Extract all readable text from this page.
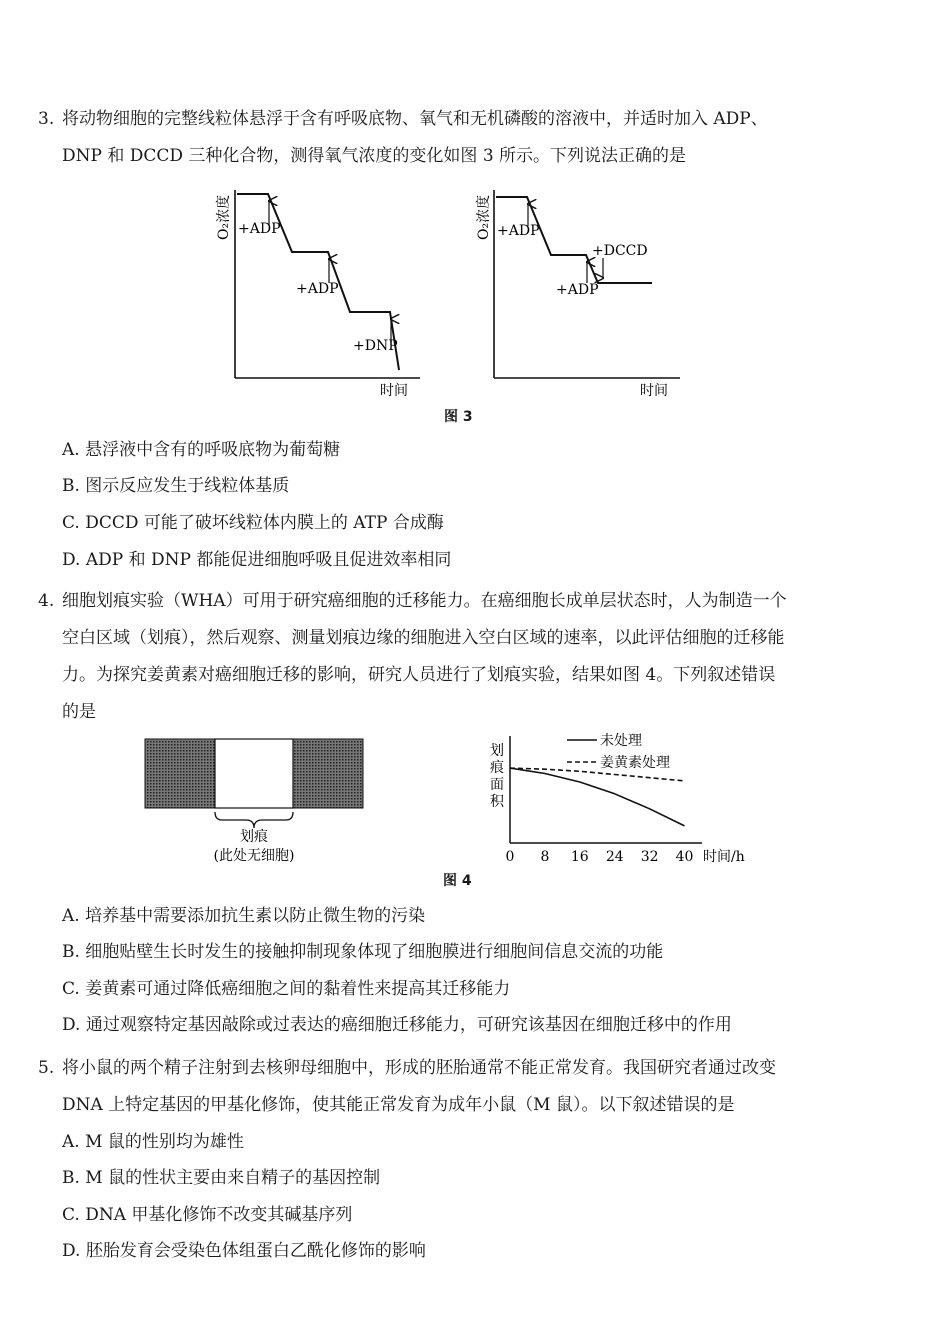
3. 将动物细胞的完整线粒体悬浮于含有呼吸底物、氧气和无机磷酸的溶液中，并适时加入 ADP、
DNP 和 DCCD 三种化合物，测得氧气浓度的变化如图 3 所示。下列说法正确的是
+ADP
+ADP
+DNP
时间
O₂浓度	+ADP
+DCCD
+ADP
时间
O₂浓度
图 3
A. 悬浮液中含有的呼吸底物为葡萄糖
B. 图示反应发生于线粒体基质
C. DCCD 可能了破坏线粒体内膜上的 ATP 合成酶
D. ADP 和 DNP 都能促进细胞呼吸且促进效率相同
4. 细胞划痕实验（WHA）可用于研究癌细胞的迁移能力。在癌细胞长成单层状态时，人为制造一个
空白区域（划痕），然后观察、测量划痕边缘的细胞进入空白区域的速率，以此评估细胞的迁移能
力。为探究姜黄素对癌细胞迁移的影响，研究人员进行了划痕实验，结果如图 4。下列叙述错误
的是
划痕
(此处无细胞)
划
痕
面
积
未处理
姜黄素处理
0 8 16 24 32 40 时间/h
图 4
A. 培养基中需要添加抗生素以防止微生物的污染
B. 细胞贴壁生长时发生的接触抑制现象体现了细胞膜进行细胞间信息交流的功能
C. 姜黄素可通过降低癌细胞之间的黏着性来提高其迁移能力
D. 通过观察特定基因敲除或过表达的癌细胞迁移能力，可研究该基因在细胞迁移中的作用
5. 将小鼠的两个精子注射到去核卵母细胞中，形成的胚胎通常不能正常发育。我国研究者通过改变
DNA 上特定基因的甲基化修饰，使其能正常发育为成年小鼠（M 鼠）。以下叙述错误的是
A. M 鼠的性别均为雄性
B. M 鼠的性状主要由来自精子的基因控制
C. DNA 甲基化修饰不改变其碱基序列
D. 胚胎发育会受染色体组蛋白乙酰化修饰的影响
